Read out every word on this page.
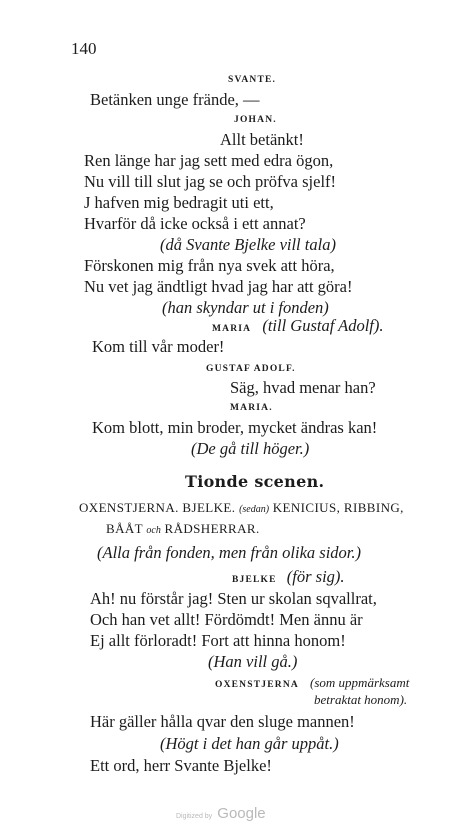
140
SVANTE.
Betänken unge frände, —
JOHAN.
Allt betänkt!
Ren länge har jag sett med edra ögon,
Nu vill till slut jag se och pröfva sjelf!
J hafven mig bedragit uti ett,
Hvarför då icke också i ett annat?
(då Svante Bjelke vill tala)
Förskonen mig från nya svek att höra,
Nu vet jag ändtligt hvad jag har att göra!
(han skyndar ut i fonden)
MARIA (till Gustaf Adolf).
Kom till vår moder!
GUSTAF ADOLF.
Säg, hvad menar han?
MARIA.
Kom blott, min broder, mycket ändras kan!
(De gå till höger.)
Tionde scenen.
OXENSTJERNA. BJELKE. (sedan) KENICIUS, RIBBING,
BÅÅT och RÅDSHERRAR.
(Alla från fonden, men från olika sidor.)
BJELKE (för sig).
Ah! nu förstår jag! Sten ur skolan sqvallrat,
Och han vet allt! Fördömdt! Men ännu är
Ej allt förloradt! Fort att hinna honom!
(Han vill gå.)
OXENSTJERNA (som uppmärksamt
betraktat honom).
Här gäller hålla qvar den sluge mannen!
(Högt i det han går uppåt.)
Ett ord, herr Svante Bjelke!
Digitized by Google
